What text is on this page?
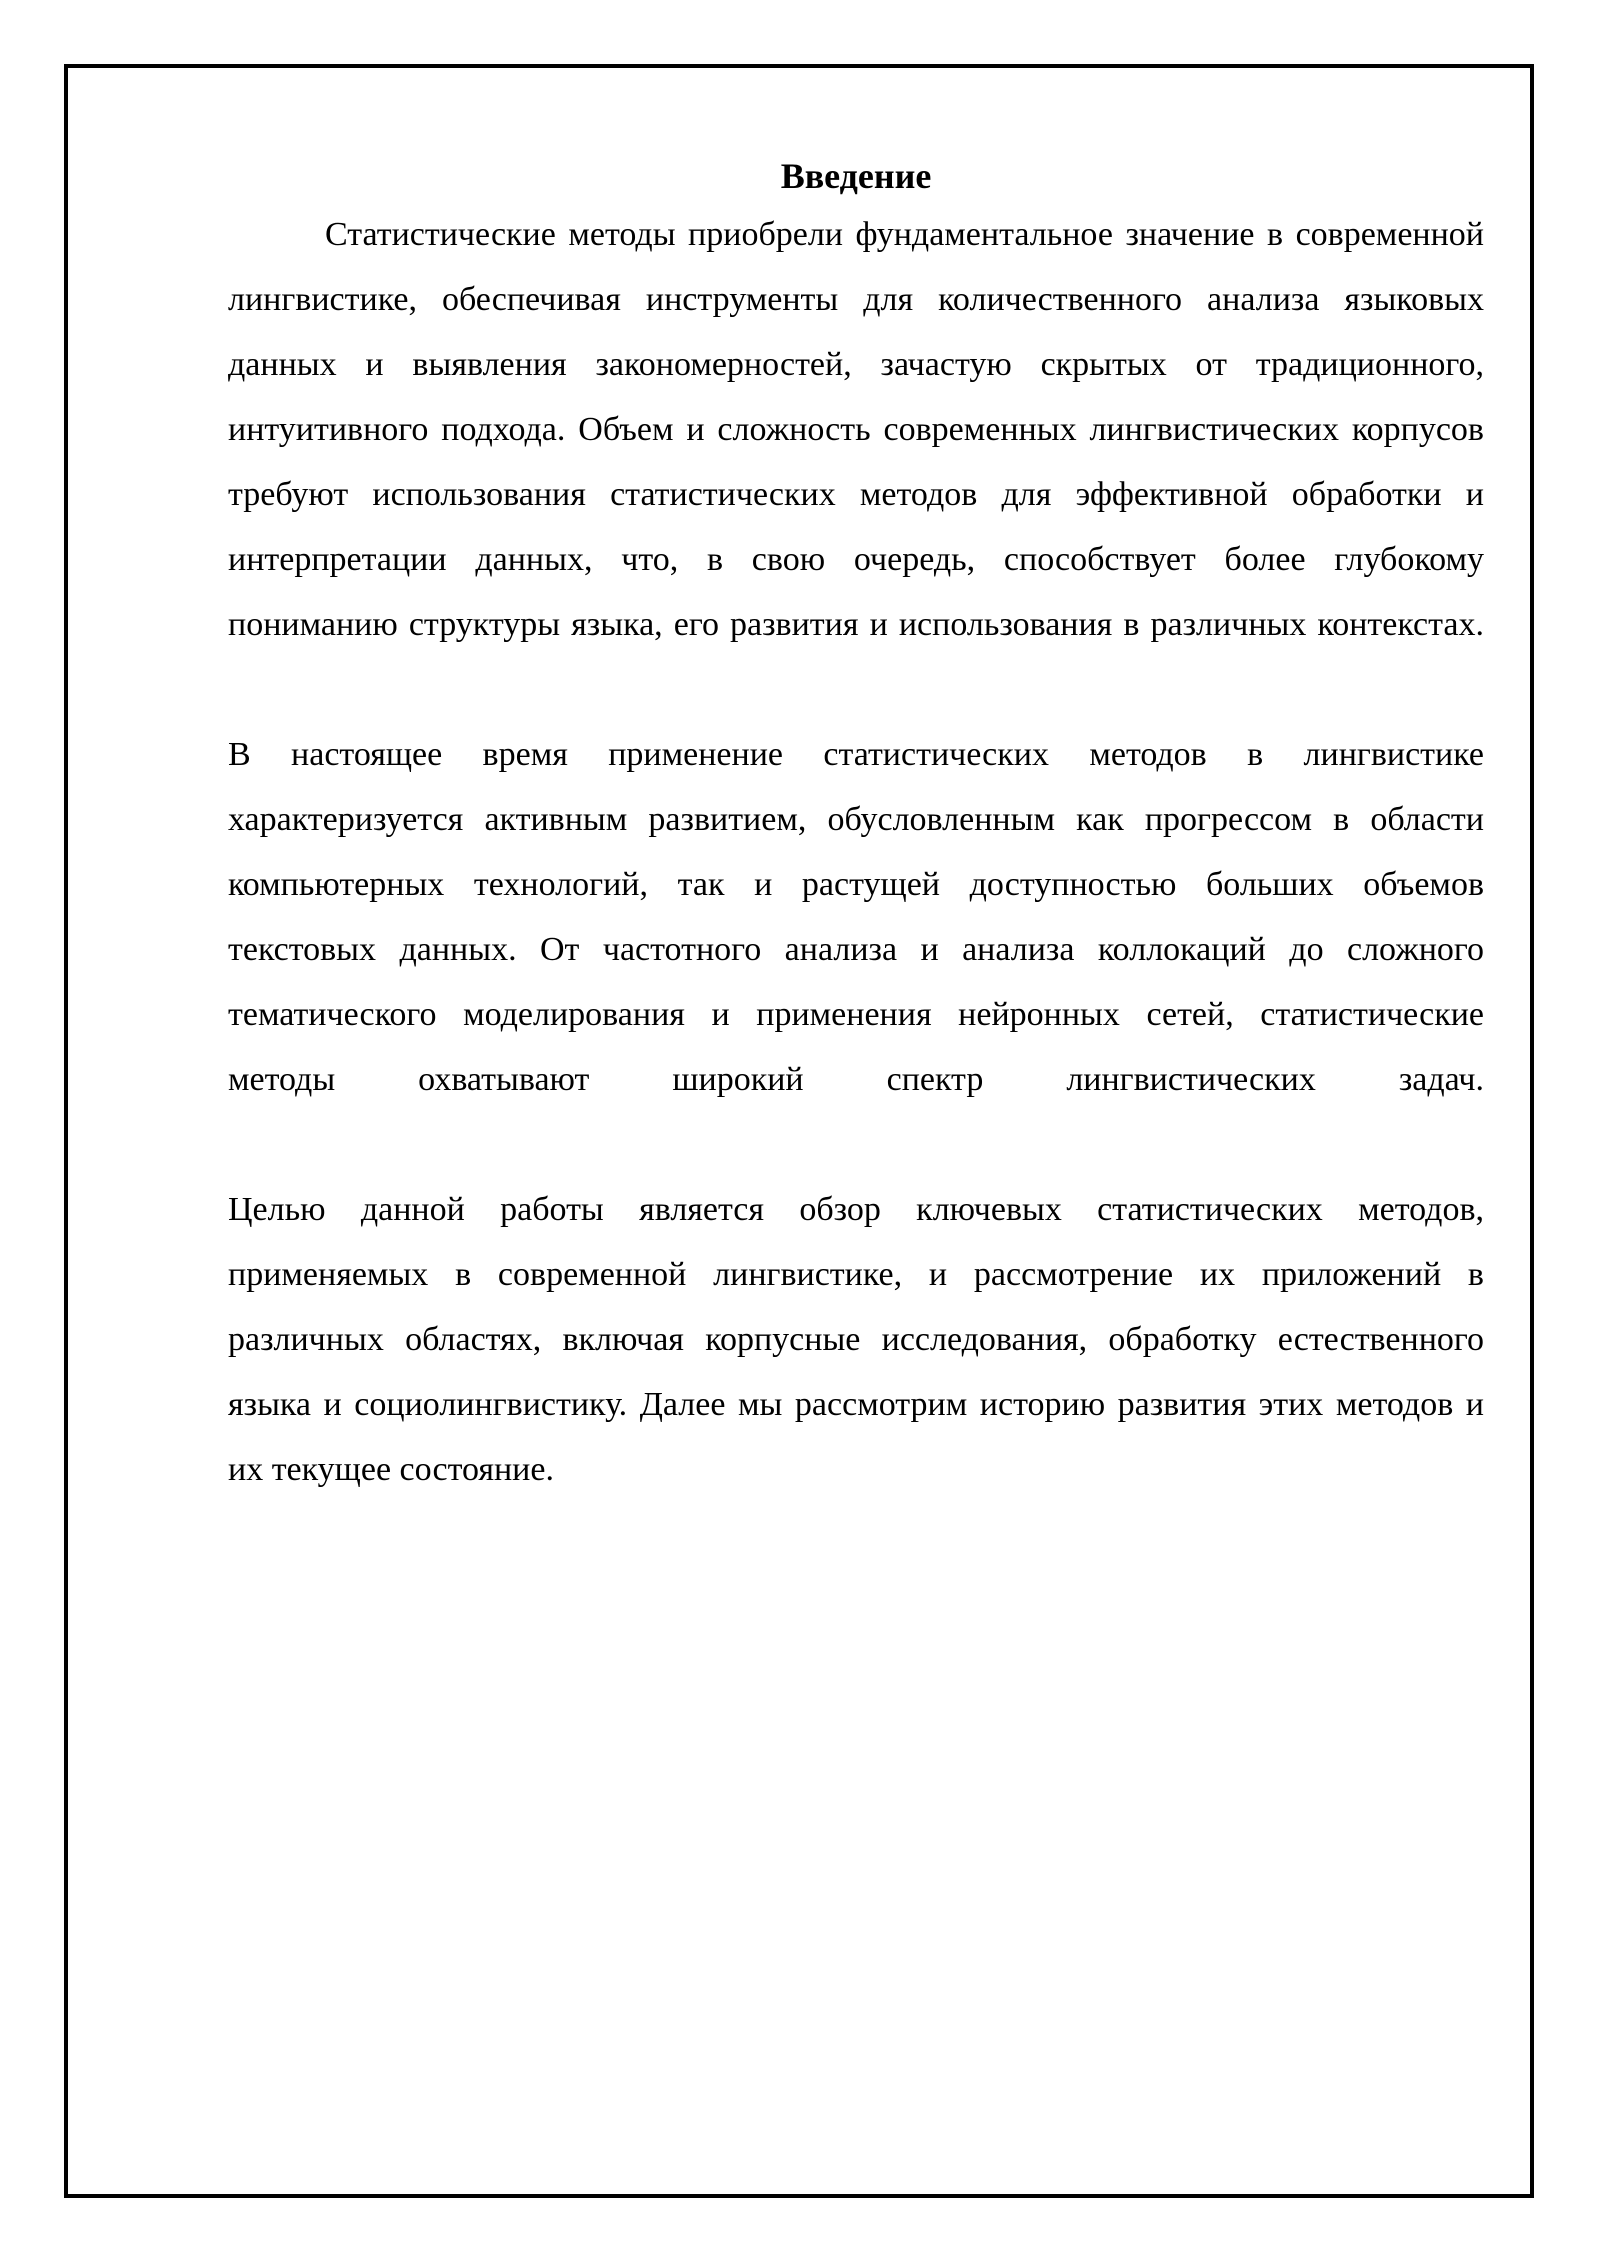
Введение

Статистические методы приобрели фундаментальное значение в современной лингвистике, обеспечивая инструменты для количественного анализа языковых данных и выявления закономерностей, зачастую скрытых от традиционного, интуитивного подхода. Объем и сложность современных лингвистических корпусов требуют использования статистических методов для эффективной обработки и интерпретации данных, что, в свою очередь, способствует более глубокому пониманию структуры языка, его развития и использования в различных контекстах.

В настоящее время применение статистических методов в лингвистике характеризуется активным развитием, обусловленным как прогрессом в области компьютерных технологий, так и растущей доступностью больших объемов текстовых данных. От частотного анализа и анализа коллокаций до сложного тематического моделирования и применения нейронных сетей, статистические методы охватывают широкий спектр лингвистических задач.

Целью данной работы является обзор ключевых статистических методов, применяемых в современной лингвистике, и рассмотрение их приложений в различных областях, включая корпусные исследования, обработку естественного языка и социолингвистику. Далее мы рассмотрим историю развития этих методов и их текущее состояние.
